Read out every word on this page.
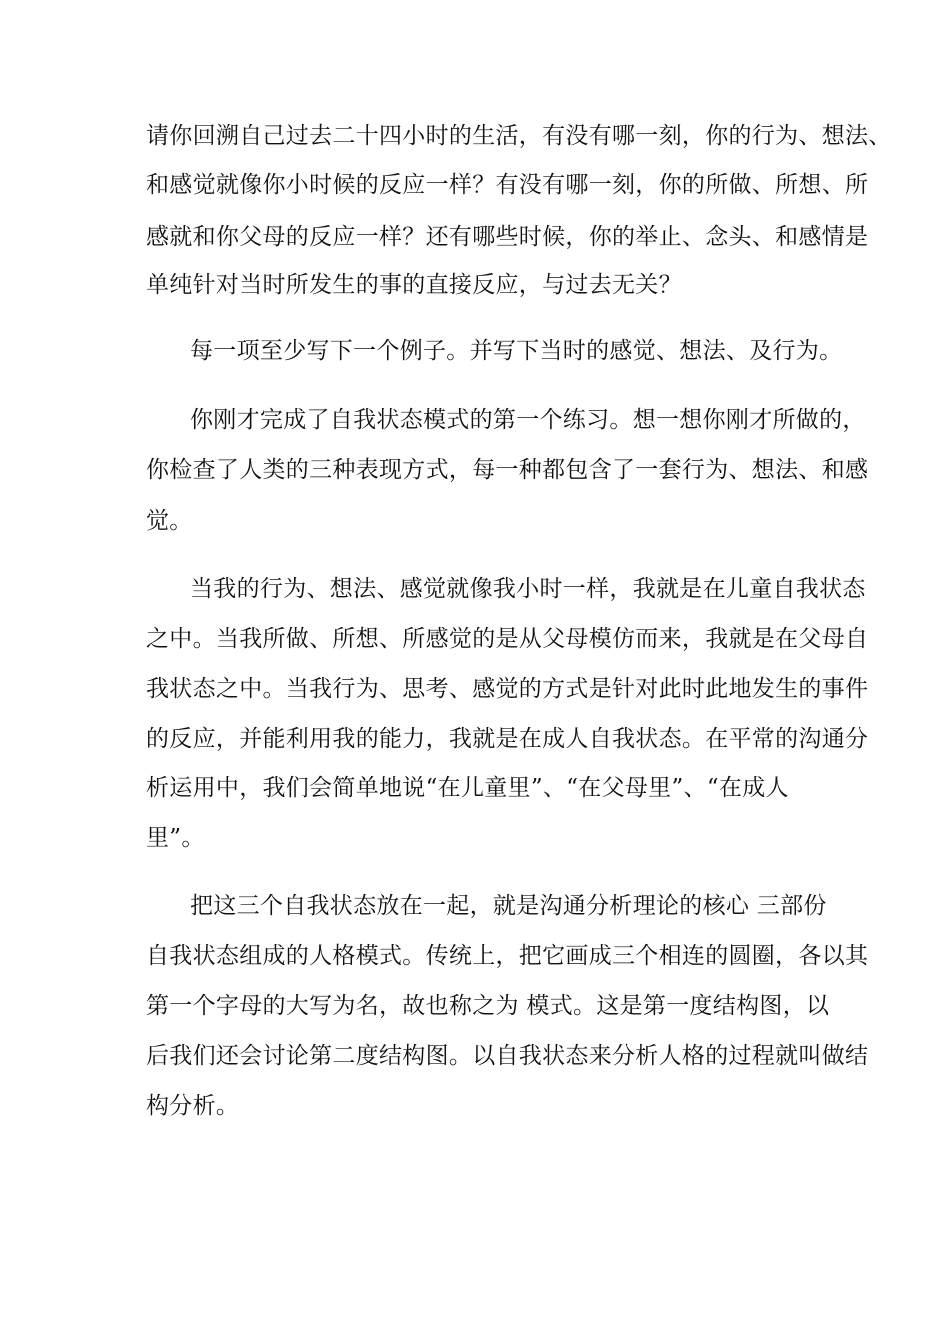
请你回溯自己过去二十四小时的生活，有没有哪一刻，你的行为、想法、

和感觉就像你小时候的反应一样？有没有哪一刻，你的所做、所想、所

感就和你父母的反应一样？还有哪些时候，你的举止、念头、和感情是

单纯针对当时所发生的事的直接反应，与过去无关？

每一项至少写下一个例子。并写下当时的感觉、想法、及行为。

你刚才完成了自我状态模式的第一个练习。想一想你刚才所做的，

你检查了人类的三种表现方式，每一种都包含了一套行为、想法、和感

觉。

当我的行为、想法、感觉就像我小时一样，我就是在儿童自我状态

之中。当我所做、所想、所感觉的是从父母模仿而来，我就是在父母自

我状态之中。当我行为、思考、感觉的方式是针对此时此地发生的事件

的反应，并能利用我的能力，我就是在成人自我状态。在平常的沟通分

析运用中，我们会简单地说“在儿童里”、“在父母里”、“在成人

里”。

把这三个自我状态放在一起，就是沟通分析理论的核心 三部份

自我状态组成的人格模式。传统上，把它画成三个相连的圆圈，各以其

第一个字母的大写为名，故也称之为 模式。这是第一度结构图，以

后我们还会讨论第二度结构图。以自我状态来分析人格的过程就叫做结

构分析。
